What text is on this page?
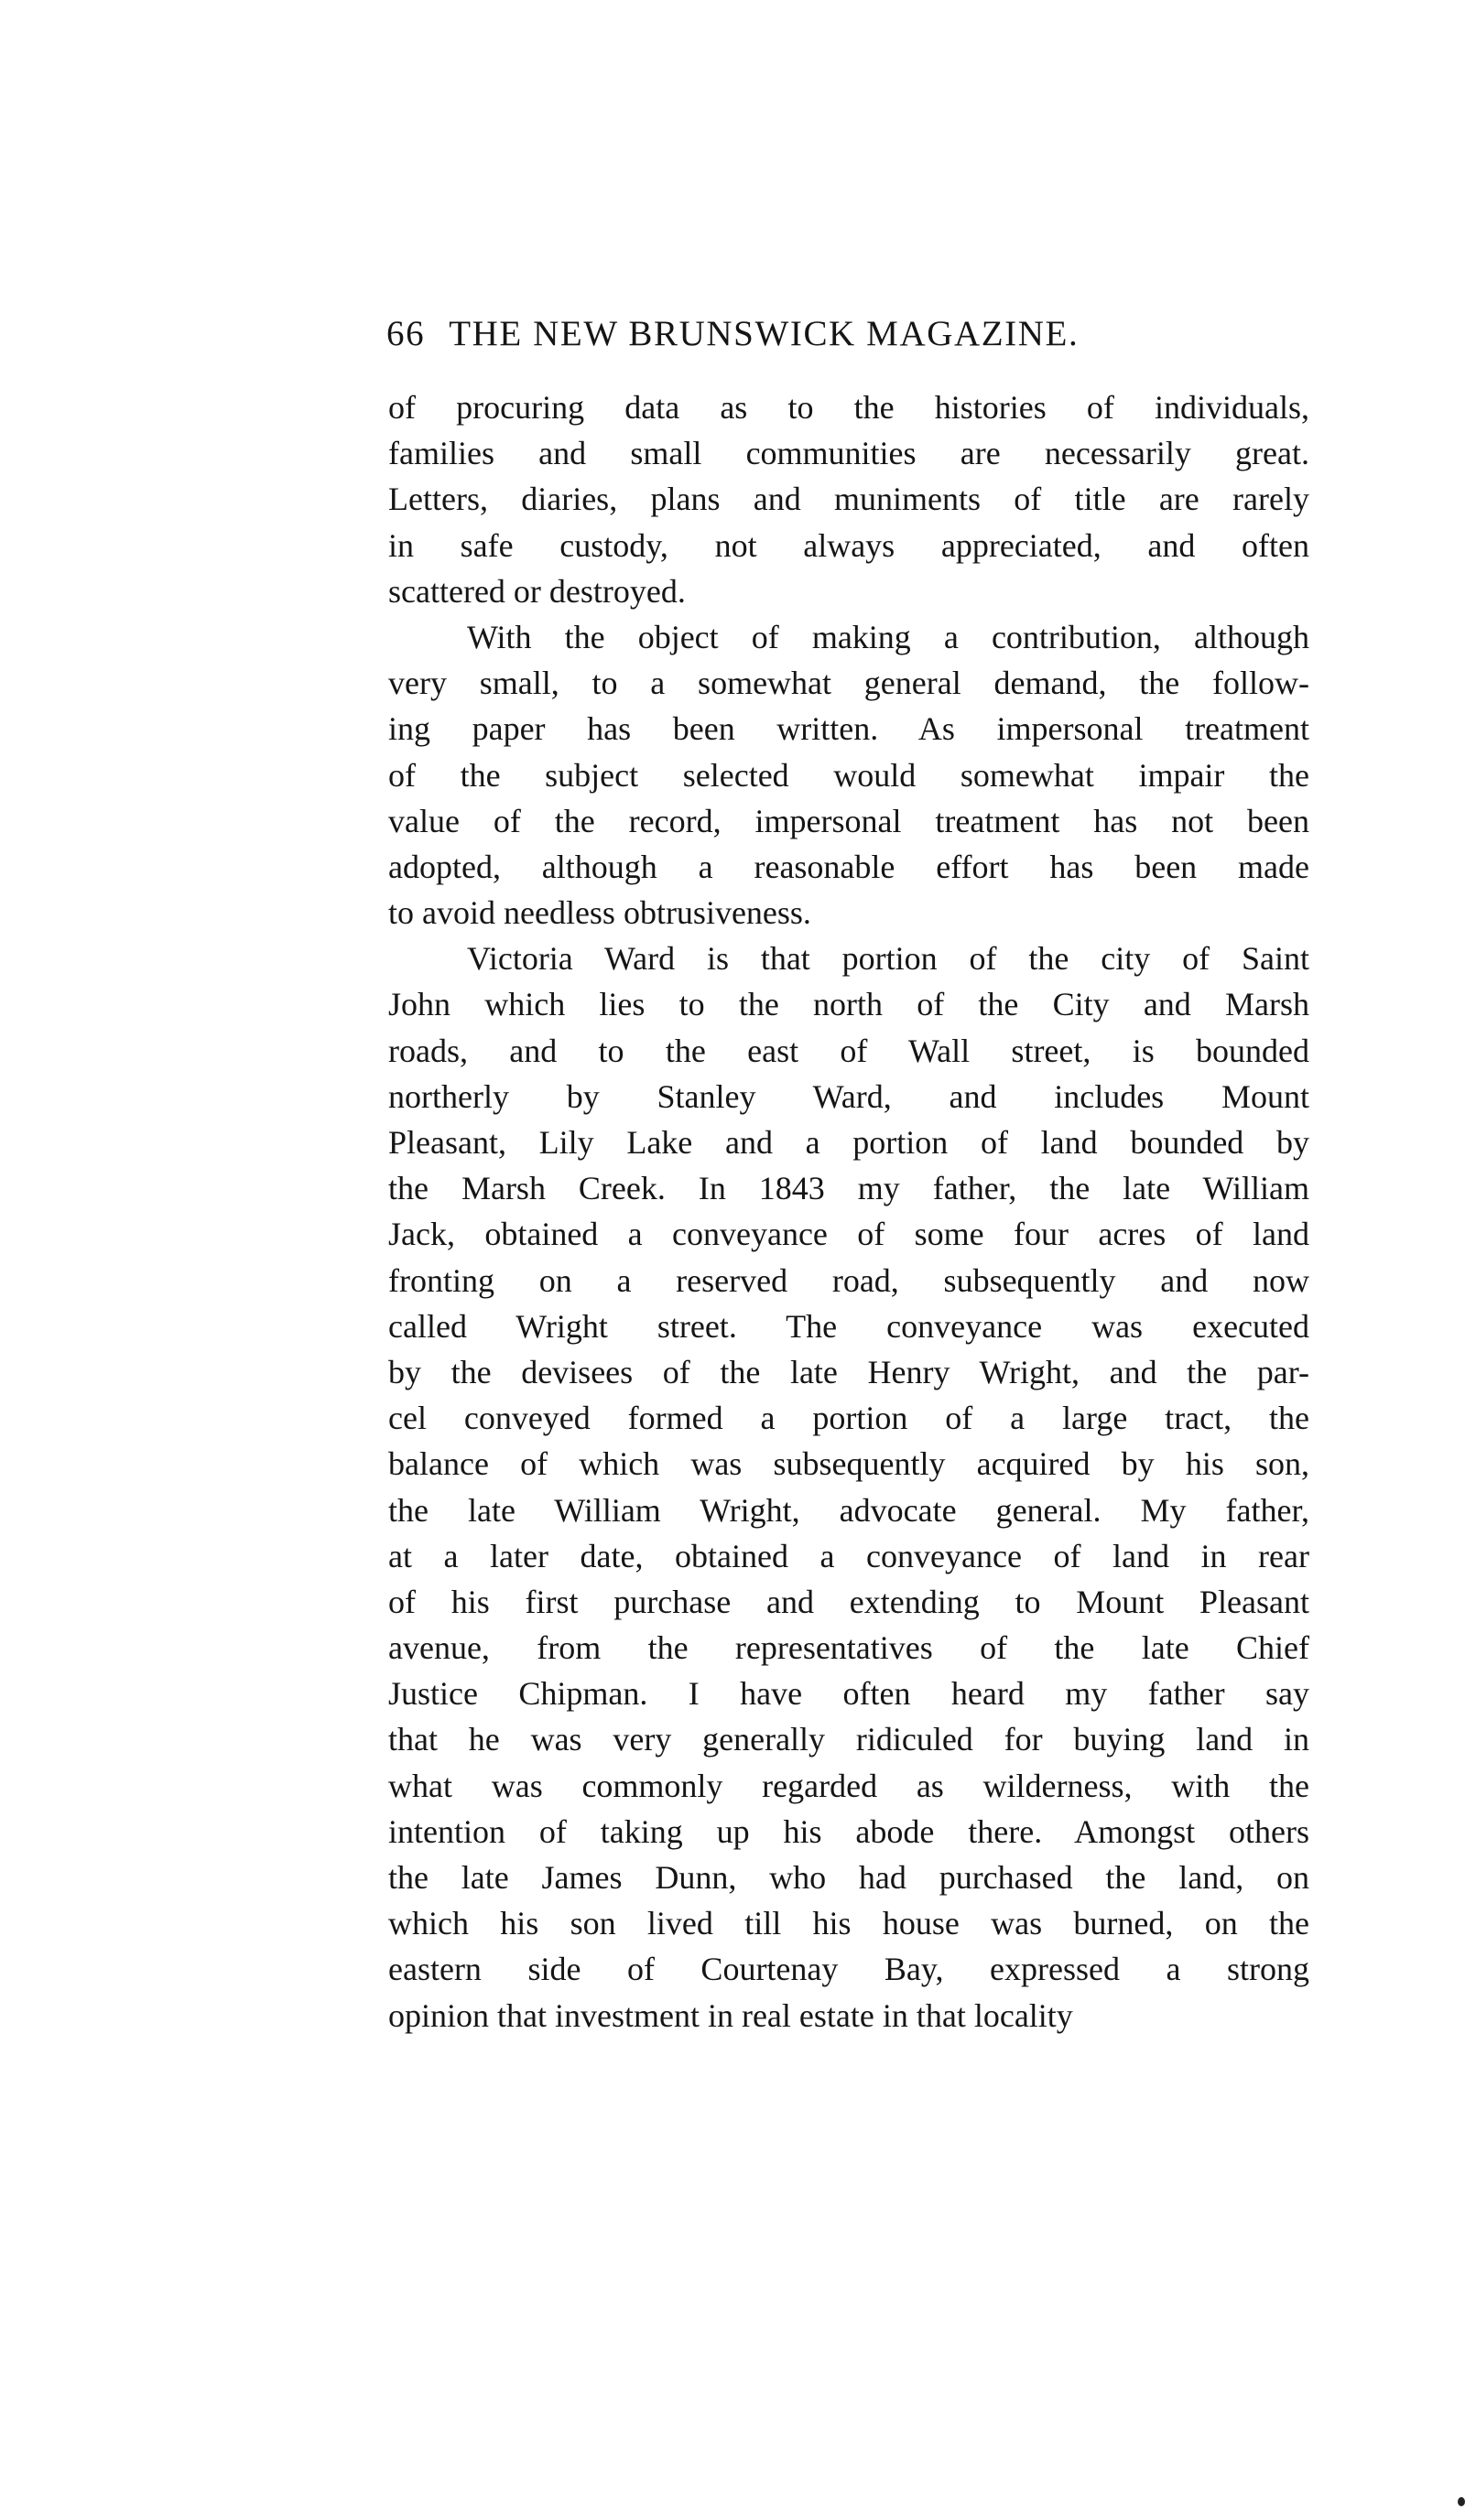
66 THE NEW BRUNSWICK MAGAZINE.
of procuring data as to the histories of individuals,
families and small communities are necessarily great.
Letters, diaries, plans and muniments of title are rarely
in safe custody, not always appreciated, and often
scattered or destroyed.
With the object of making a contribution, although
very small, to a somewhat general demand, the follow-
ing paper has been written. As impersonal treatment
of the subject selected would somewhat impair the
value of the record, impersonal treatment has not been
adopted, although a reasonable effort has been made
to avoid needless obtrusiveness.
Victoria Ward is that portion of the city of Saint
John which lies to the north of the City and Marsh
roads, and to the east of Wall street, is bounded
northerly by Stanley Ward, and includes Mount
Pleasant, Lily Lake and a portion of land bounded by
the Marsh Creek. In 1843 my father, the late William
Jack, obtained a conveyance of some four acres of land
fronting on a reserved road, subsequently and now
called Wright street. The conveyance was executed
by the devisees of the late Henry Wright, and the par-
cel conveyed formed a portion of a large tract, the
balance of which was subsequently acquired by his son,
the late William Wright, advocate general. My father,
at a later date, obtained a conveyance of land in rear
of his first purchase and extending to Mount Pleasant
avenue, from the representatives of the late Chief
Justice Chipman. I have often heard my father say
that he was very generally ridiculed for buying land in
what was commonly regarded as wilderness, with the
intention of taking up his abode there. Amongst others
the late James Dunn, who had purchased the land, on
which his son lived till his house was burned, on the
eastern side of Courtenay Bay, expressed a strong
opinion that investment in real estate in that locality
